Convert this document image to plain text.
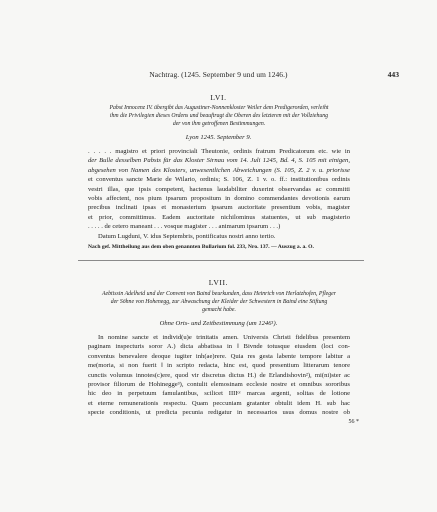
Nachtrag. (1245. September 9 und um 1246.)	443
LVI.
Pabst Innocenz IV. übergibt das Augustiner-Nonnenkloster Weiler dem Predigerorden, verleiht
ihm die Privilegien dieses Ordens und beauftragt die Oberen des letzteren mit der Vollziehung
der von ihm getroffenen Bestimmungen.
Lyon 1245. September 9.
. . . . . magistro et priori provinciali Theutonie, ordinis fratrum Predicatorum etc. wie in
der Bulle desselben Pabsts für das Kloster Sirnau vom 14. Juli 1245, Bd. 4, S. 105 mit einigen,
abgesehen von Namen des Klosters, unwesentlichen Abweichungen (S. 105, Z. 2 v. u. priorisse
et conventus sancte Marie de Wilario, ordinis; S. 106, Z. 1 v. o. ff.: institutionibus ordinis
vestri illas, que ipsis competent, hactenus laudabiliter duxerint observandas ac committi
vobis affectent, nos pium ipsarum propositum in domino commendantes devotionis earum
precibus inclinati ipsas et monasterium ipsarum auctoritate presentium vobis, magister
et prior, committimus. Eadem auctoritate nichilominus statuentes, ut sub magisterio
. . . . . de cetero maneant . . . vosque magister . . . animarum ipsarum . . .)
Datum Lugduni, V. idus Septembris, pontificatus nostri anno tertio.
Nach gef. Mittheilung aus dem oben genannten Bullarium fol. 233, Nro. 137. — Auszug a. a. O.
LVII.
Aebtissin Adelheid und der Convent von Baind beurkunden, dass Heinrich von Herlatzhofen, Pfleger
der Söhne von Hohenegg, zur Abwaschung der Kleider der Schwestern in Baind eine Stiftung
gemacht habe.
Ohne Orts- und Zeitbestimmung (um 1246¹).
In nomine sancte et individ(u)e trinitatis amen. Universis Christi fidelibus presentem
paginam inspecturis soror A.) dicta abbatissa in ‖ Bivnde totusque eiusdem (loci con-
conventus benevalere deoque iugiter inh(ae)rere. Quia res gesta labente tempore labitur a
me(moria, si non fuerit ‖ in scripto redacta, hinc est, quod presentium litterarum tenore
cunctis volumus innotes(c)ere, quod vir discretus dictus H.) de Erlandishovin²), mi(ni)ster ac
provisor filiorum de Hohinegge³), contulit elemosinam ecclesie nostre et omnibus sororibus
hic deo in perpetuum famulantibus, scilicet IIIIᵒʳ marcas argenti, solitas de lotione
et eterne remunerationis respectu. Quam peccuniam gratanter obtulit idem H. sub hac
specie conditionis, ut predicta pecunia redigatur in necessarios usus domus nostre ob
56 *
